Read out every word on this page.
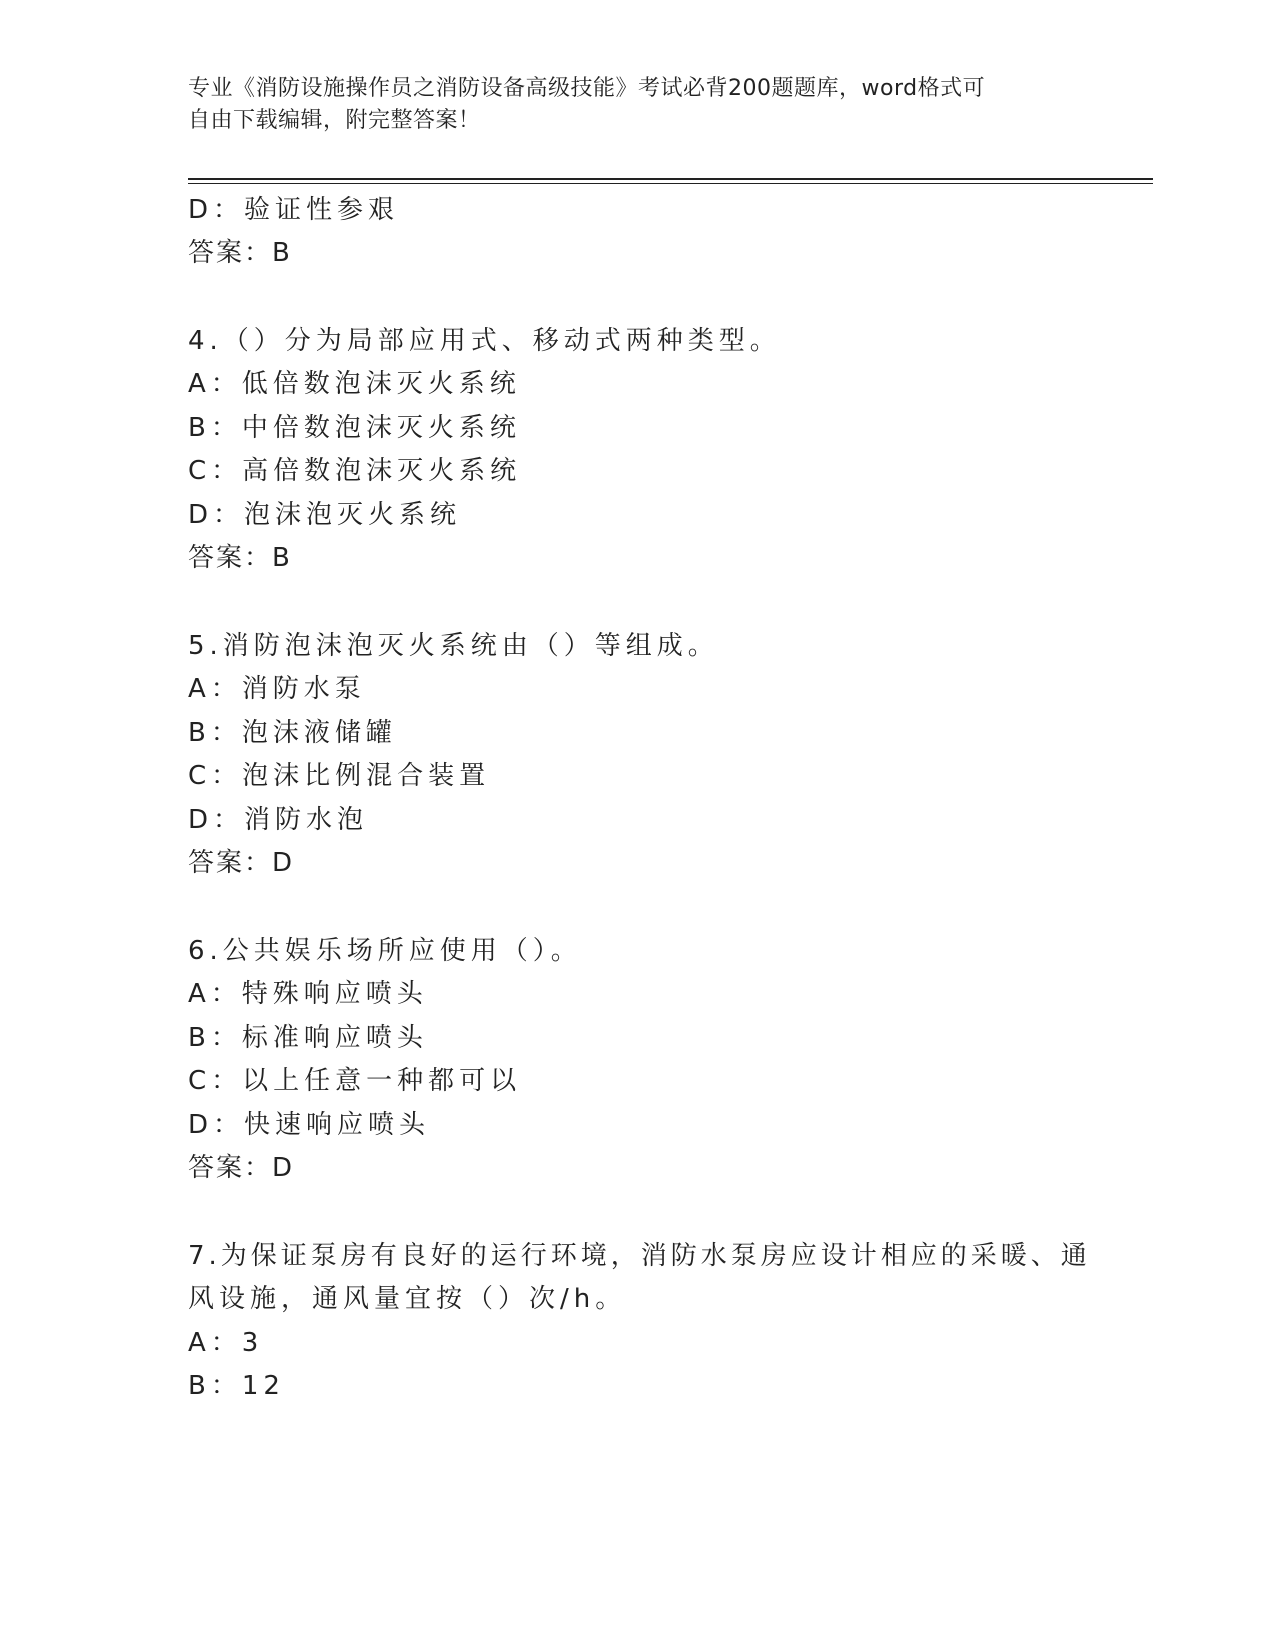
专业《消防设施操作员之消防设备高级技能》考试必背200题题库，word格式可

自由下载编辑，附完整答案！

D：验证性参艰

答案：B

4.（）分为局部应用式、移动式两种类型。

A：低倍数泡沫灭火系统

B：中倍数泡沫灭火系统

C：高倍数泡沫灭火系统

D：泡沫泡灭火系统

答案：B

5.消防泡沫泡灭火系统由（）等组成。

A：消防水泵

B：泡沫液储罐

C：泡沫比例混合装置

D：消防水泡

答案：D

6.公共娱乐场所应使用（）。

A：特殊响应喷头

B：标准响应喷头

C：以上任意一种都可以

D：快速响应喷头

答案：D

7.为保证泵房有良好的运行环境，消防水泵房应设计相应的采暖、通

风设施，通风量宜按（）次/h。

A：3

B：12
